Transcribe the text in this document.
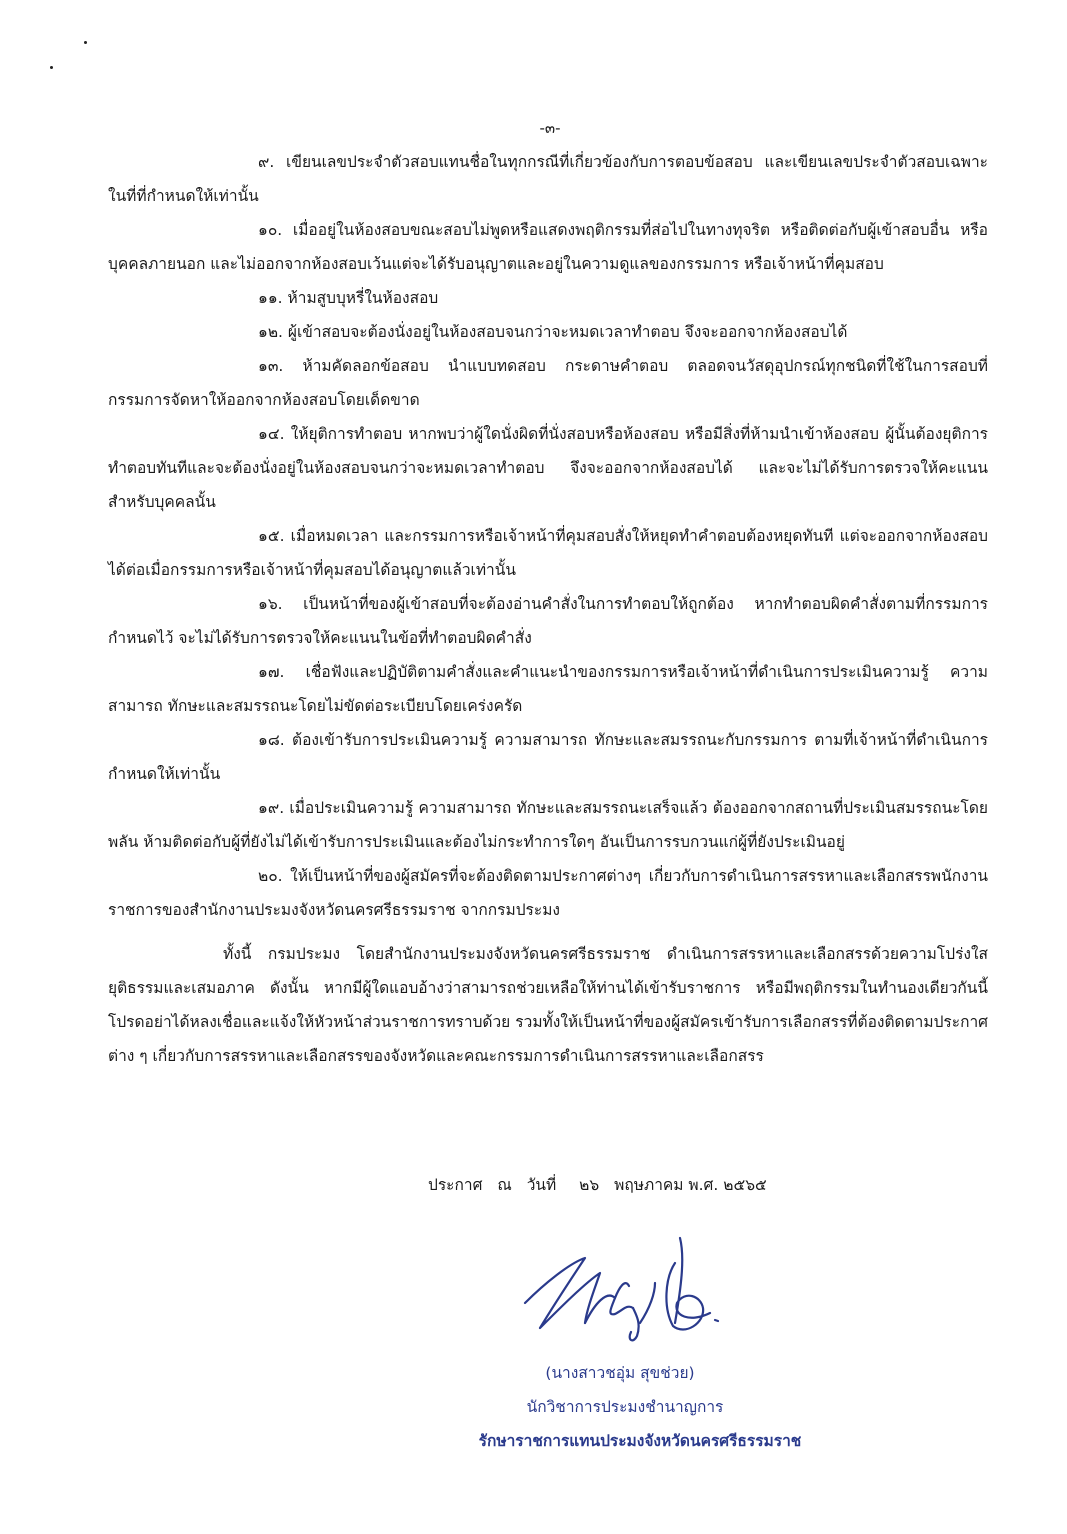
-๓-

๙. เขียนเลขประจำตัวสอบแทนชื่อในทุกกรณีที่เกี่ยวข้องกับการตอบข้อสอบ และเขียนเลขประจำตัวสอบเฉพาะในที่ที่กำหนดให้เท่านั้น

๑๐. เมื่ออยู่ในห้องสอบขณะสอบไม่พูดหรือแสดงพฤติกรรมที่ส่อไปในทางทุจริต หรือติดต่อกับผู้เข้าสอบอื่น หรือบุคคลภายนอก และไม่ออกจากห้องสอบเว้นแต่จะได้รับอนุญาตและอยู่ในความดูแลของกรรมการ หรือเจ้าหน้าที่คุมสอบ

๑๑. ห้ามสูบบุหรี่ในห้องสอบ

๑๒. ผู้เข้าสอบจะต้องนั่งอยู่ในห้องสอบจนกว่าจะหมดเวลาทำตอบ จึงจะออกจากห้องสอบได้

๑๓. ห้ามคัดลอกข้อสอบ นำแบบทดสอบ กระดาษคำตอบ ตลอดจนวัสดุอุปกรณ์ทุกชนิดที่ใช้ในการสอบที่กรรมการจัดหาให้ออกจากห้องสอบโดยเด็ดขาด

๑๔. ให้ยุติการทำตอบ หากพบว่าผู้ใดนั่งผิดที่นั่งสอบหรือห้องสอบ หรือมีสิ่งที่ห้ามนำเข้าห้องสอบ ผู้นั้นต้องยุติการทำตอบทันทีและจะต้องนั่งอยู่ในห้องสอบจนกว่าจะหมดเวลาทำตอบ จึงจะออกจากห้องสอบได้ และจะไม่ได้รับการตรวจให้คะแนนสำหรับบุคคลนั้น

๑๕. เมื่อหมดเวลา และกรรมการหรือเจ้าหน้าที่คุมสอบสั่งให้หยุดทำคำตอบต้องหยุดทันที แต่จะออกจากห้องสอบได้ต่อเมื่อกรรมการหรือเจ้าหน้าที่คุมสอบได้อนุญาตแล้วเท่านั้น

๑๖. เป็นหน้าที่ของผู้เข้าสอบที่จะต้องอ่านคำสั่งในการทำตอบให้ถูกต้อง หากทำตอบผิดคำสั่งตามที่กรรมการกำหนดไว้ จะไม่ได้รับการตรวจให้คะแนนในข้อที่ทำตอบผิดคำสั่ง

๑๗. เชื่อฟังและปฏิบัติตามคำสั่งและคำแนะนำของกรรมการหรือเจ้าหน้าที่ดำเนินการประเมินความรู้ ความสามารถ ทักษะและสมรรถนะโดยไม่ขัดต่อระเบียบโดยเคร่งครัด

๑๘. ต้องเข้ารับการประเมินความรู้ ความสามารถ ทักษะและสมรรถนะกับกรรมการ ตามที่เจ้าหน้าที่ดำเนินการกำหนดให้เท่านั้น

๑๙. เมื่อประเมินความรู้ ความสามารถ ทักษะและสมรรถนะเสร็จแล้ว ต้องออกจากสถานที่ประเมินสมรรถนะโดยพลัน ห้ามติดต่อกับผู้ที่ยังไม่ได้เข้ารับการประเมินและต้องไม่กระทำการใดๆ อันเป็นการรบกวนแก่ผู้ที่ยังประเมินอยู่

๒๐. ให้เป็นหน้าที่ของผู้สมัครที่จะต้องติดตามประกาศต่างๆ เกี่ยวกับการดำเนินการสรรหาและเลือกสรรพนักงานราชการของสำนักงานประมงจังหวัดนครศรีธรรมราช จากกรมประมง

ทั้งนี้ กรมประมง โดยสำนักงานประมงจังหวัดนครศรีธรรมราช ดำเนินการสรรหาและเลือกสรรด้วยความโปร่งใส ยุติธรรมและเสมอภาค ดังนั้น หากมีผู้ใดแอบอ้างว่าสามารถช่วยเหลือให้ท่านได้เข้ารับราชการ หรือมีพฤติกรรมในทำนองเดียวกันนี้ โปรดอย่าได้หลงเชื่อและแจ้งให้หัวหน้าส่วนราชการทราบด้วย รวมทั้งให้เป็นหน้าที่ของผู้สมัครเข้ารับการเลือกสรรที่ต้องติดตามประกาศต่าง ๆ เกี่ยวกับการสรรหาและเลือกสรรของจังหวัดและคณะกรรมการดำเนินการสรรหาและเลือกสรร

ประกาศ ณ วันที่ ๒๖ พฤษภาคม พ.ศ. ๒๕๖๕
(นางสาวชอุ่ม สุขช่วย)
นักวิชาการประมงชำนาญการ
รักษาราชการแทนประมงจังหวัดนครศรีธรรมราช
